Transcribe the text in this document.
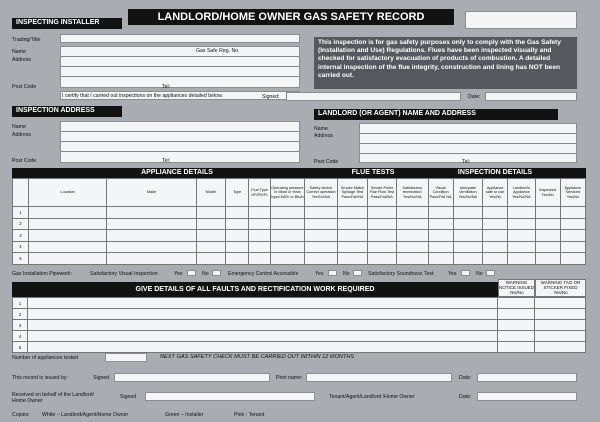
LANDLORD/HOME OWNER GAS SAFETY RECORD
INSPECTING INSTALLER
Trading/Title
Name
Address
Gas Safe Reg. No.
Post Code	Tel:
I certify that I carried out inspections on the appliances detailed below.	Signed:	Date:
This inspection is for gas safety purposes only to comply with the Gas Safety (Installation and Use) Regulations. Flues have been inspected visually and checked for satisfactory evacuation of products of combustion. A detailed internal inspection of the flue integrity, construction and lining has NOT been carried out.
INSPECTION ADDRESS
Name
Address
Post Code	Tel:
LANDLORD (OR AGENT) NAME AND ADDRESS
Name
Address
Post Code	Tel:
APPLIANCE DETAILS	FLUE TESTS	INSPECTION DETAILS

	Location	Make	Model	Type	Flue Type OF/RS/FL	Operating pressure in Mbar or Heat Input kW/h or Btu/h	Safety device Correct operation Yes/No/NA	Smoke Match Spillage Test Pass/Fail/NA	Smoke Pellet Flue Flow Test Pass/Fail/NA	Satisfactory termination Yes/No/NA	Visual Condition Pass/Fail NA	Adequate Ventilation Yes/No/NA	Appliance safe to use Yes/No	Landlord's Appliance Yes/No/NA	Inspected Yes/No	Appliance Serviced Yes/No

1																
2																
3																
4																
5																
Gas Installation Pipework:	Satisfactory Visual Inspection	Yes	No	Emergency Control Accessible	Yes	No	Satisfactory Soundness Test	Yes	No
GIVE DETAILS OF ALL FAULTS AND RECTIFICATION WORK REQUIRED
WARNING NOTICE ISSUED Yes/No
WARNING TAG OR STICKER FIXED Yes/No
1			
2			
3			
4			
5			
Number of appliances tested	NEXT GAS SAFETY CHECK MUST BE CARRIED OUT WITHIN 12 MONTHS
This record is issued by:	Signed	Print name:	Date:
Received on behalf of the Landlord/
Home Owner
Signed	Tenant/Agent/Landlord /Home Owner	Date:
Copies: White – Landlord/Agent/Home Owner	Green – Installer	Pink - Tenant
